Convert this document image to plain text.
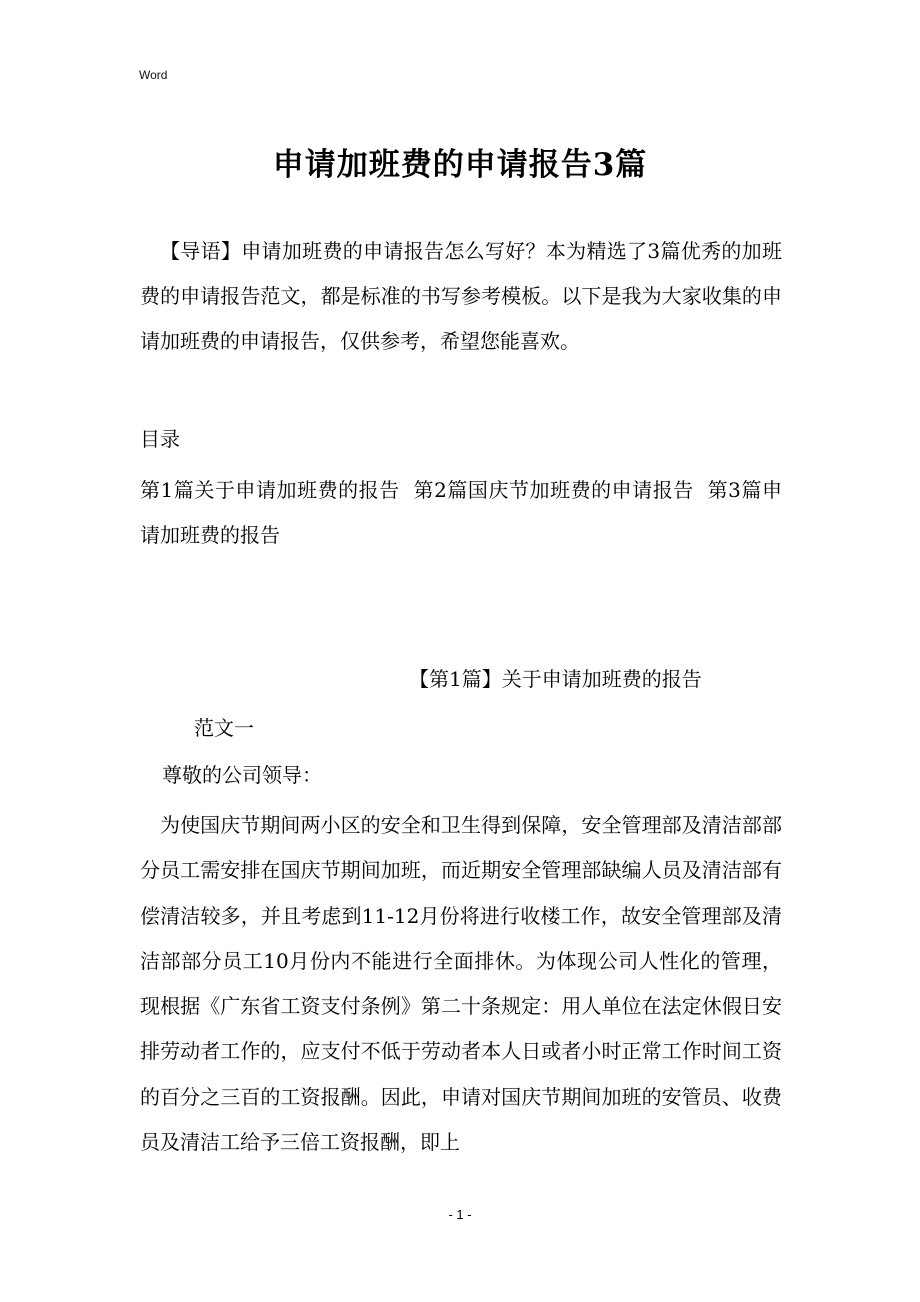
Word
申请加班费的申请报告3篇
【导语】申请加班费的申请报告怎么写好？本为精选了3篇优秀的加班费的申请报告范文，都是标准的书写参考模板。以下是我为大家收集的申请加班费的申请报告，仅供参考，希望您能喜欢。
目录
第1篇关于申请加班费的报告  第2篇国庆节加班费的申请报告  第3篇申请加班费的报告
【第1篇】关于申请加班费的报告
范文一
尊敬的公司领导：
为使国庆节期间两小区的安全和卫生得到保障，安全管理部及清洁部部分员工需安排在国庆节期间加班，而近期安全管理部缺编人员及清洁部有偿清洁较多，并且考虑到11-12月份将进行收楼工作，故安全管理部及清洁部部分员工10月份内不能进行全面排休。为体现公司人性化的管理，现根据《广东省工资支付条例》第二十条规定：用人单位在法定休假日安排劳动者工作的，应支付不低于劳动者本人日或者小时正常工作时间工资的百分之三百的工资报酬。因此，申请对国庆节期间加班的安管员、收费员及清洁工给予三倍工资报酬，即上
- 1 -
